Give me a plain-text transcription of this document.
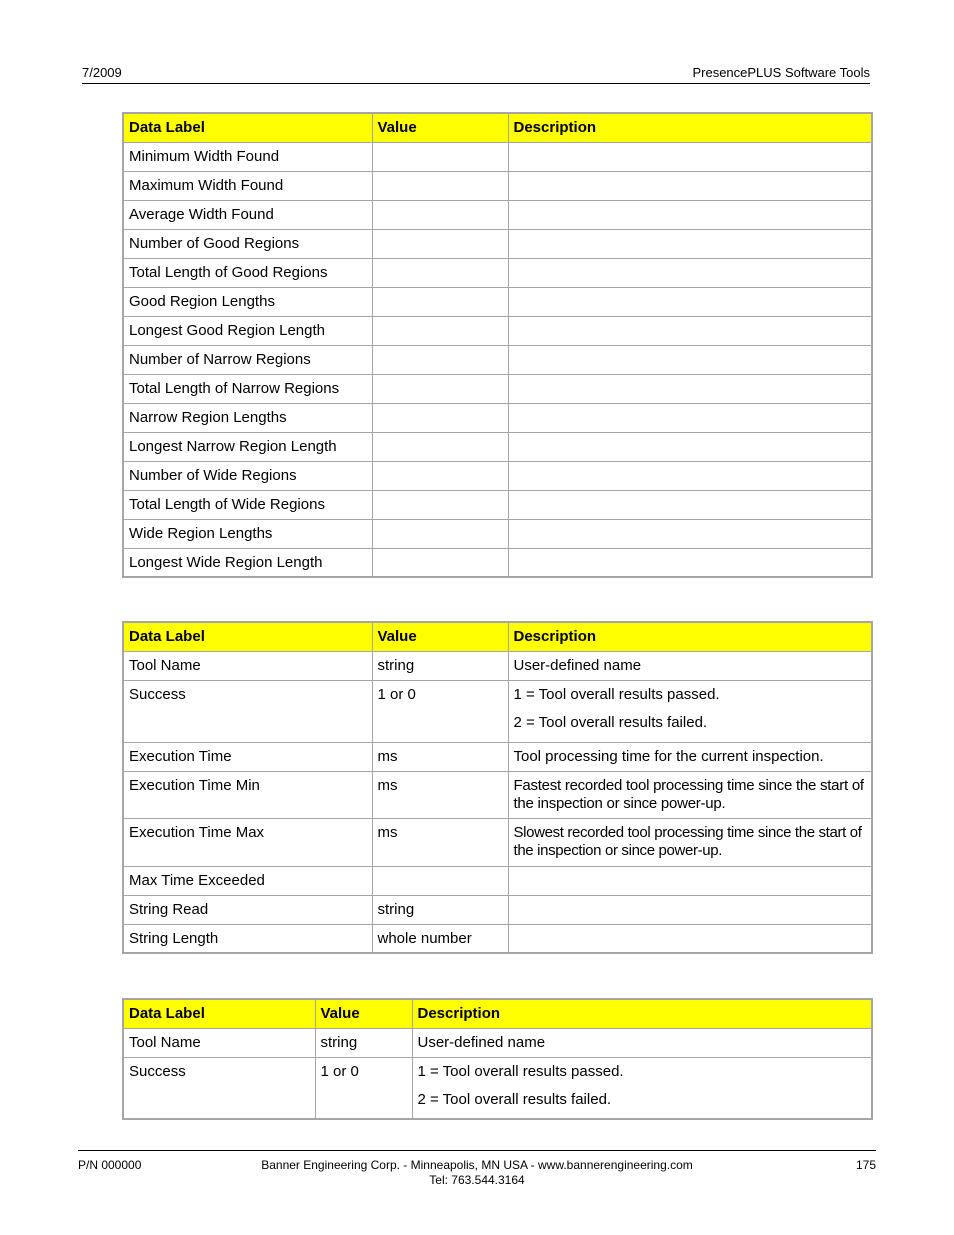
7/2009	PresencePLUS Software Tools
Data Label	Value	Description
Minimum Width Found		
Maximum Width Found		
Average Width Found		
Number of Good Regions		
Total Length of Good Regions		
Good Region Lengths		
Longest Good Region Length		
Number of Narrow Regions		
Total Length of Narrow Regions		
Narrow Region Lengths		
Longest Narrow Region Length		
Number of Wide Regions		
Total Length of Wide Regions		
Wide Region Lengths		
Longest Wide Region Length		
Data Label	Value	Description
Tool Name	string	User-defined name
Success	1 or 0	1 = Tool overall results passed.

2 = Tool overall results failed.

Execution Time	ms	Tool processing time for the current inspection.
Execution Time Min	ms	Fastest recorded tool processing time since the start of the inspection or since power-up.
Execution Time Max	ms	Slowest recorded tool processing time since the start of the inspection or since power-up.
Max Time Exceeded		
String Read	string	
String Length	whole number	
Data Label	Value	Description
Tool Name	string	User-defined name
Success	1 or 0	1 = Tool overall results passed.

2 = Tool overall results failed.

P/N 000000	Banner Engineering Corp. - Minneapolis, MN USA - www.bannerengineering.com
Tel: 763.544.3164
175
